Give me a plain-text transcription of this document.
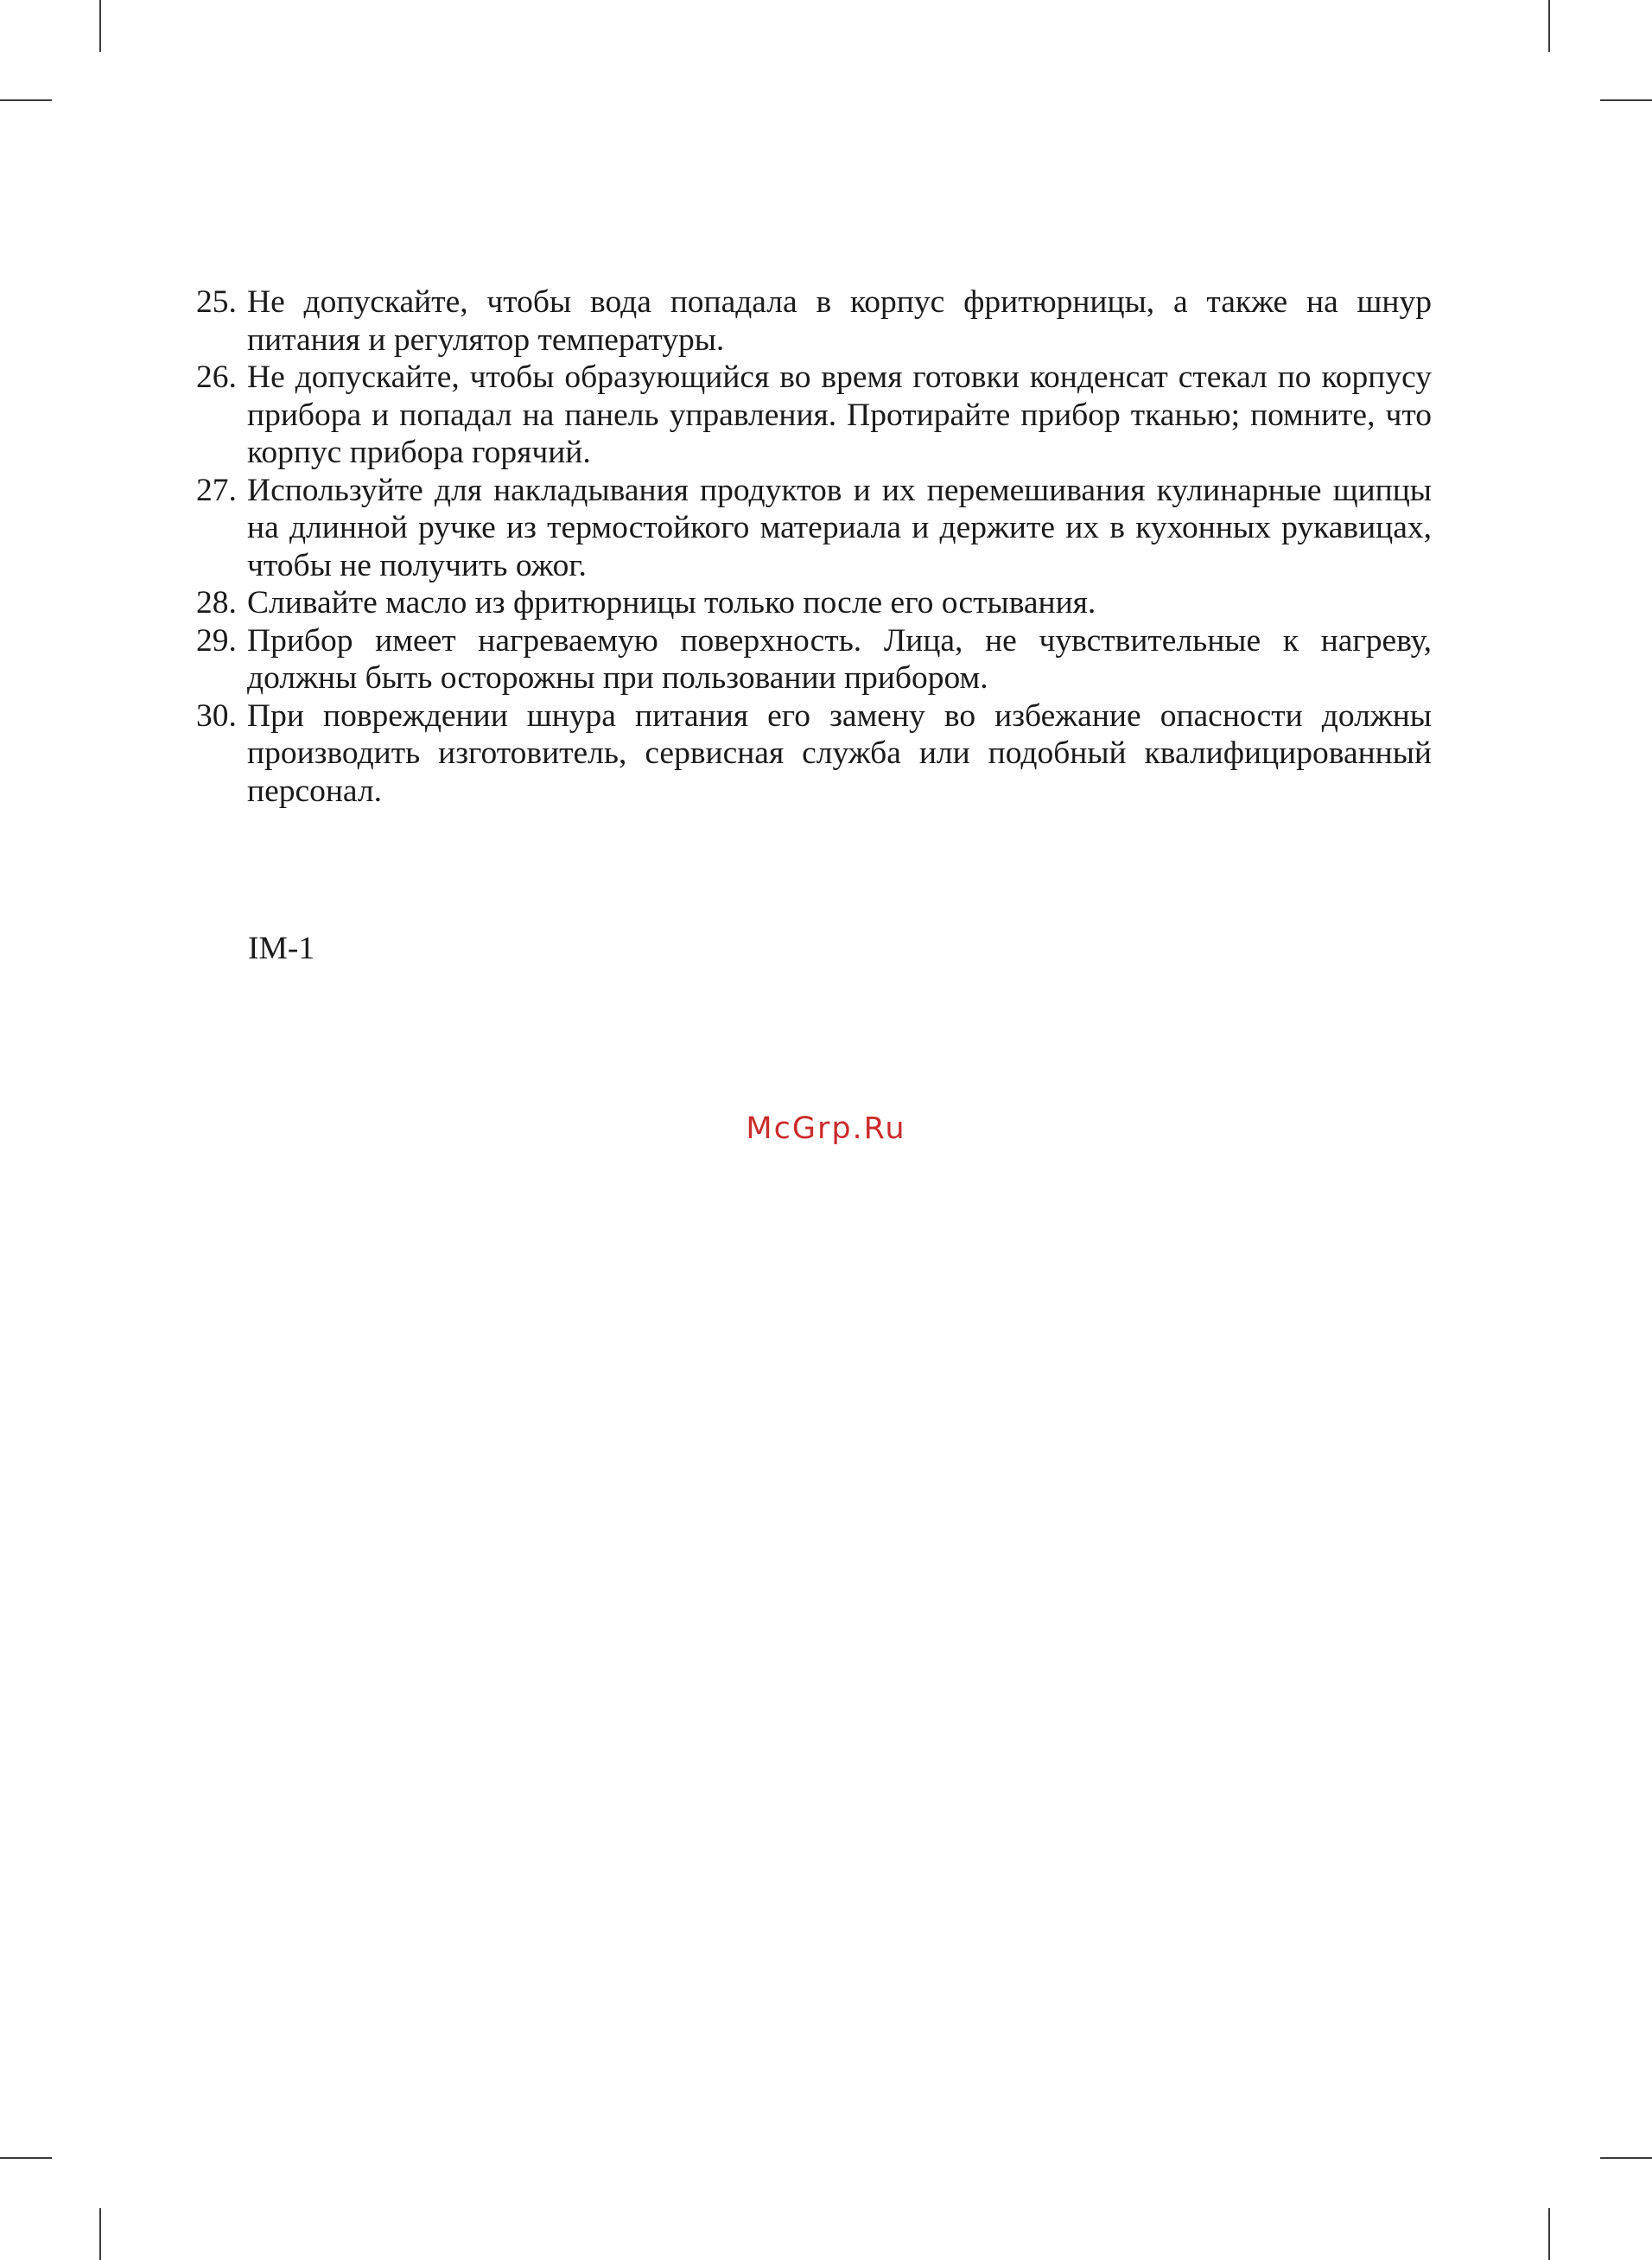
25. Не допускайте, чтобы вода попадала в корпус фритюрницы, а также на шнур питания и регулятор температуры.
26. Не допускайте, чтобы образующийся во время готовки конденсат стекал по корпусу прибора и попадал на панель управления. Протирайте прибор тканью; помните, что корпус прибора горячий.
27. Используйте для накладывания продуктов и их перемешивания кулинарные щипцы на длинной ручке из термостойкого материала и держите их в кухонных рукавицах, чтобы не получить ожог.
28. Сливайте масло из фритюрницы только после его остывания.
29. Прибор имеет нагреваемую поверхность. Лица, не чувствительные к нагреву, должны быть осторожны при пользовании прибором.
30. При повреждении шнура питания его замену во избежание опасности должны производить изготовитель, сервисная служба или подобный квалифицированный персонал.
IM-1
McGrp.Ru
